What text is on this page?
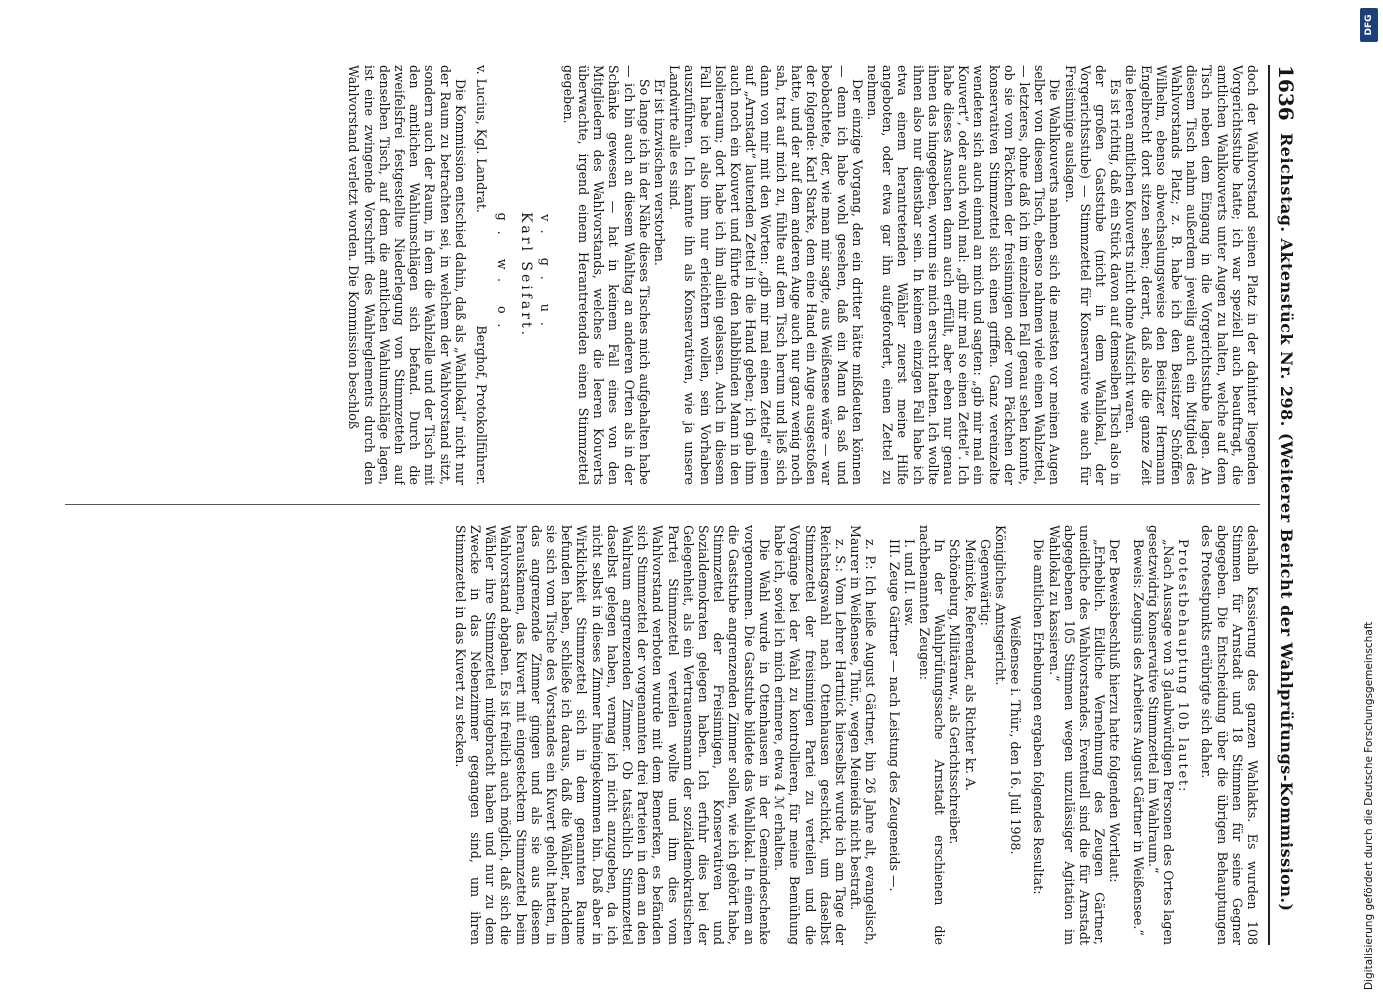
1636
Reichstag. Aktenstück Nr. 298. (Weiterer Bericht der Wahlprüfungs-Kommission.)

doch der Wahlvorstand seinen Platz in der dahinter liegenden Vorgerichtsstube hatte; ich war speziell auch beauftragt, die amtlichen Wahlkouverts unter Augen zu halten, welche auf dem Tisch neben dem Eingang in die Vorgerichtsstube lagen. An diesem Tisch nahm außerdem jeweilig auch ein Mitglied des Wahlvorstands Platz; z. B. habe ich den Beisitzer Schöffen Wilhelm, ebenso abwechselungsweise den Beisitzer Hermann Engelbrecht dort sitzen sehen; derart, daß also die ganze Zeit die leeren amtlichen Kouverts nicht ohne Aufsicht waren.

Es ist richtig, daß ein Stück davon auf demselben Tisch also in der großen Gaststube (nicht in dem Wahllokal, der Vorgerichtsstube) — Stimmzettel für Konservative wie auch für Freisinnige auslagen.

Die Wahlkouverts nahmen sich die meisten vor meinen Augen selber von diesem Tisch, ebenso nahmen viele einen Wahlzettel, — letzteres, ohne daß ich im einzelnen Fall genau sehen konnte, ob sie vom Päckchen der freisinnigen oder vom Päckchen der konservativen Stimmzettel sich einen griffen. Ganz vereinzelte wendeten sich auch einmal an mich und sagten: „gib mir mal ein Kouvert“, oder auch wohl mal: „gib mir mal so einen Zettel“. Ich habe dieses Ansuchen dann auch erfüllt, aber eben nur genau ihnen das hingegeben, worum sie mich ersucht hatten. Ich wollte ihnen also nur dienstbar sein. In keinem einzigen Fall habe ich etwa einem herantretenden Wähler zuerst meine Hilfe angeboten, oder etwa gar ihn aufgefordert, einen Zettel zu nehmen.

Der einzige Vorgang, den ein dritter hätte mißdeuten können — denn ich habe wohl gesehen, daß ein Mann da saß und beobachtete, der, wie man mir sagte, aus Weißensee wäre — war der folgende: Karl Starke, dem eine Hand ein Auge ausgestoßen hatte, und der auf dem anderen Auge auch nur ganz wenig noch sah, trat auf mich zu, fühlte auf dem Tisch herum und ließ sich dann von mir mit den Worten: „gib mir mal einen Zettel“ einen auf „Arnstadt“ lautenden Zettel in die Hand geben; ich gab ihm auch noch ein Kouvert und führte den halbblinden Mann in den Isolierraum; dort habe ich ihn allein gelassen. Auch in diesem Fall habe ich also ihm nur erleichtern wollen, sein Vorhaben auszuführen. Ich kannte ihn als Konservativen, wie ja unsere Landwirte alle es sind.

Er ist inzwischen verstorben.

So lange ich in der Nähe dieses Tisches mich aufgehalten habe — ich bin auch an diesem Wahltag an anderen Orten als in der Schänke gewesen — hat in keinem Fall eines von den Mitgliedern des Wahlvorstands, welches die leeren Kouverts überwachte, irgend einem Herantretenden einen Stimmzettel gegeben.

v. g. u.
Karl Seifart.
g. w. o.
v. Lucius, Kgl. Landrat.
Berghof, Protokollführer.

Die Kommission entschied dahin, daß als „Wahllokal“ nicht nur der Raum zu betrachten sei, in welchem der Wahlvorstand sitzt, sondern auch der Raum, in dem die Wahlzelle und der Tisch mit den amtlichen Wahlumschlägen sich befand. Durch die zweifelsfrei festgestellte Niederlegung von Stimmzetteln auf denselben Tisch, auf dem die amtlichen Wahlumschläge lagen, ist eine zwingende Vorschrift des Wahlreglements durch den Wahlvorstand verletzt worden. Die Kommission beschloß

deshalb Kassierung des ganzen Wahlakts. Es wurden 108 Stimmen für Arnstadt und 18 Stimmen für seine Gegner abgegeben. Die Entscheidung über die übrigen Behauptungen des Protestpunkts erübrigte sich daher.

Protestbehauptung 10b lautet:

„Nach Aussage von 3 glaubwürdigen Personen des Ortes lagen gesetzwidrig konservative Stimmzettel im Wahlraum.“

Beweis: Zeugnis des Arbeiters August Gärtner in Weißensee.“

Der Beweisbeschluß hierzu hatte folgenden Wortlaut:

„Erheblich. Eidliche Vernehmung des Zeugen Gärtner, uneidliche des Wahlvorstandes. Eventuell sind die für Arnstadt abgegebenen 105 Stimmen wegen unzulässiger Agitation im Wahllokal zu kassieren.“

Die amtlichen Erhebungen ergaben folgendes Resultat:

Weißensee i. Thür., den 16. Juli 1908.

Königliches Amtsgericht.

Gegenwärtig:

Meinicke, Referendar, als Richter kr. A.

Schöneburg, Militäranw., als Gerichtsschreiber.

In der Wahlprüfungssache Arnstadt erschienen die nachbenannten Zeugen:

I. und II. usw.

III. Zeuge Gärtner — nach Leistung des Zeugeneids —.

z. P.: Ich heiße August Gärtner, bin 26 Jahre alt, evangelisch, Maurer in Weißensee, Thür., wegen Meineids nicht bestraft.

z. S.: Vom Lehrer Hartnick hierselbst wurde ich am Tage der Reichstagswahl nach Ottenhausen geschickt, um daselbst Stimmzettel der freisinnigen Partei zu verteilen und die Vorgänge bei der Wahl zu kontrollieren, für meine Bemühung habe ich, soviel ich mich erinnere, etwa 4 ℳ erhalten.

Die Wahl wurde in Ottenhausen in der Gemeindeschenke vorgenommen. Die Gaststube bildete das Wahllokal. In einem an die Gaststube angrenzenden Zimmer sollen, wie ich gehört habe, Stimmzettel der Freisinnigen, Konservativen und Sozialdemokraten gelegen haben. Ich erfuhr dies bei der Gelegenheit, als ein Vertrauensmann der sozialdemokratischen Partei Stimmzettel verteilen wollte und ihm dies vom Wahlvorstand verboten wurde mit dem Bemerken, es befänden sich Stimmzettel der vorgenannten drei Parteien in dem an den Wahlraum angrenzenden Zimmer. Ob tatsächlich Stimmzettel daselbst gelegen haben, vermag ich nicht anzugeben, da ich nicht selbst in dieses Zimmer hineingekommen bin. Daß aber in Wirklichkeit Stimmzettel sich in dem genannten Raume befunden haben, schließe ich daraus, daß die Wähler, nachdem sie sich vom Tische des Vorstandes ein Kuvert geholt hatten, in das angrenzende Zimmer gingen und als sie aus diesem herauskamen, das Kuvert mit eingestecktem Stimmzettel beim Wahlvorstand abgaben. Es ist freilich auch möglich, daß sich die Wähler ihre Stimmzettel mitgebracht haben und nur zu dem Zwecke in das Nebenzimmer gegangen sind, um ihren Stimmzettel in das Kuvert zu stecken.

DFG
Digitalisierung gefördert durch die Deutsche Forschungsgemeinschaft
